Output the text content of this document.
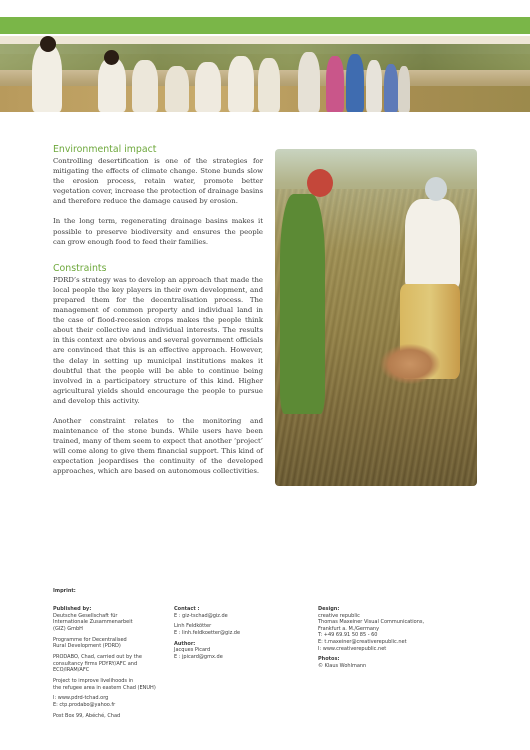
Environmental impact

Controlling desertification is one of the strategies for mitigating the effects of climate change. Stone bunds slow the erosion process, retain water, promote better vegetation cover, increase the protection of drainage basins and therefore reduce the damage caused by erosion.

In the long term, regenerating drainage basins makes it possible to preserve biodiversity and ensures the people can grow enough food to feed their families.

Constraints

PDRD’s strategy was to develop an approach that made the local people the key players in their own development, and prepared them for the decentralisation process. The management of common property and individual land in the case of flood-recession crops makes the people think about their collective and individual interests. The results in this context are obvious and several government officials are convinced that this is an effective approach. However, the delay in setting up municipal institutions makes it doubtful that the people will be able to continue being involved in a participatory structure of this kind. Higher agricultural yields should encourage the people to pursue and develop this activity.

Another constraint relates to the monitoring and maintenance of the stone bunds. While users have been trained, many of them seem to expect that another ‘project’ will come along to give them financial support. This kind of expectation jeopardises the continuity of the developed approaches, which are based on autonomous collectivities.

Imprint:
Published by:
Deutsche Gesellschaft für
Internationale Zusammenarbeit
(GIZ) GmbH
Programme for Decentralised
Rural Development (PDRD)
PRODABO, Chad, carried out by the
consultancy firms PDYRY/AFC and
ECO/IRAM/AFC
Project to improve livelihoods in
the refugee area in eastern Chad (ENUH)
I: www.pdrd-tchad.org
E: ctp.prodabo@yahoo.fr
Post Box 99, Abéché, Chad
Contact :
E : giz-tschad@giz.de
Linh Feldkötter
E : linh.feldkoetter@giz.de
Author:
Jacques Picard
E : jpicard@gmx.de
Design:
creative republic
Thomas Maxeiner Visual Communications,
Frankfurt a. M./Germany
T: +49 69.91 50 85 - 60
E: t.maxeiner@creativerepublic.net
I: www.creativerepublic.net
Photos:
© Klaus Wohlmann
